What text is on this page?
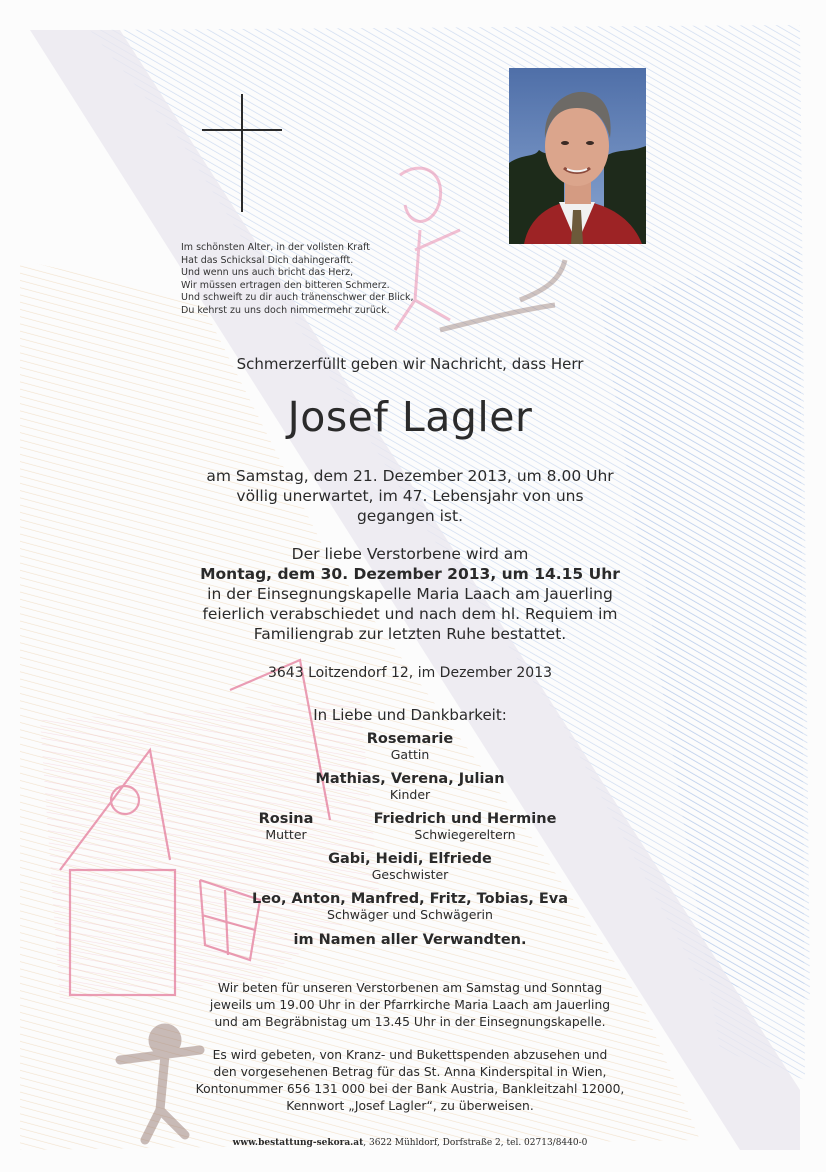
Im schönsten Alter, in der vollsten Kraft
Hat das Schicksal Dich dahingerafft.
Und wenn uns auch bricht das Herz,
Wir müssen ertragen den bitteren Schmerz.
Und schweift zu dir auch tränenschwer der Blick,
Du kehrst zu uns doch nimmermehr zurück.
Schmerzerfüllt geben wir Nachricht, dass Herr
Josef Lagler
am Samstag, dem 21. Dezember 2013, um 8.00 Uhr
völlig unerwartet, im 47. Lebensjahr von uns
gegangen ist.
Der liebe Verstorbene wird am
Montag, dem 30. Dezember 2013, um 14.15 Uhr
in der Einsegnungskapelle Maria Laach am Jauerling
feierlich verabschiedet und nach dem hl. Requiem im
Familiengrab zur letzten Ruhe bestattet.
3643 Loitzendorf 12, im Dezember 2013
In Liebe und Dankbarkeit:
Rosemarie
Gattin
Mathias, Verena, Julian
Kinder
Rosina
Mutter
Friedrich und Hermine
Schwiegereltern
Gabi, Heidi, Elfriede
Geschwister
Leo, Anton, Manfred, Fritz, Tobias, Eva
Schwäger und Schwägerin
im Namen aller Verwandten.
Wir beten für unseren Verstorbenen am Samstag und Sonntag
jeweils um 19.00 Uhr in der Pfarrkirche Maria Laach am Jauerling
und am Begräbnistag um 13.45 Uhr in der Einsegnungskapelle.
Es wird gebeten, von Kranz- und Bukettspenden abzusehen und
den vorgesehenen Betrag für das St. Anna Kinderspital in Wien,
Kontonummer 656 131 000 bei der Bank Austria, Bankleitzahl 12000,
Kennwort „Josef Lagler“, zu überweisen.
www.bestattung-sekora.at, 3622 Mühldorf, Dorfstraße 2, tel. 02713/8440-0
